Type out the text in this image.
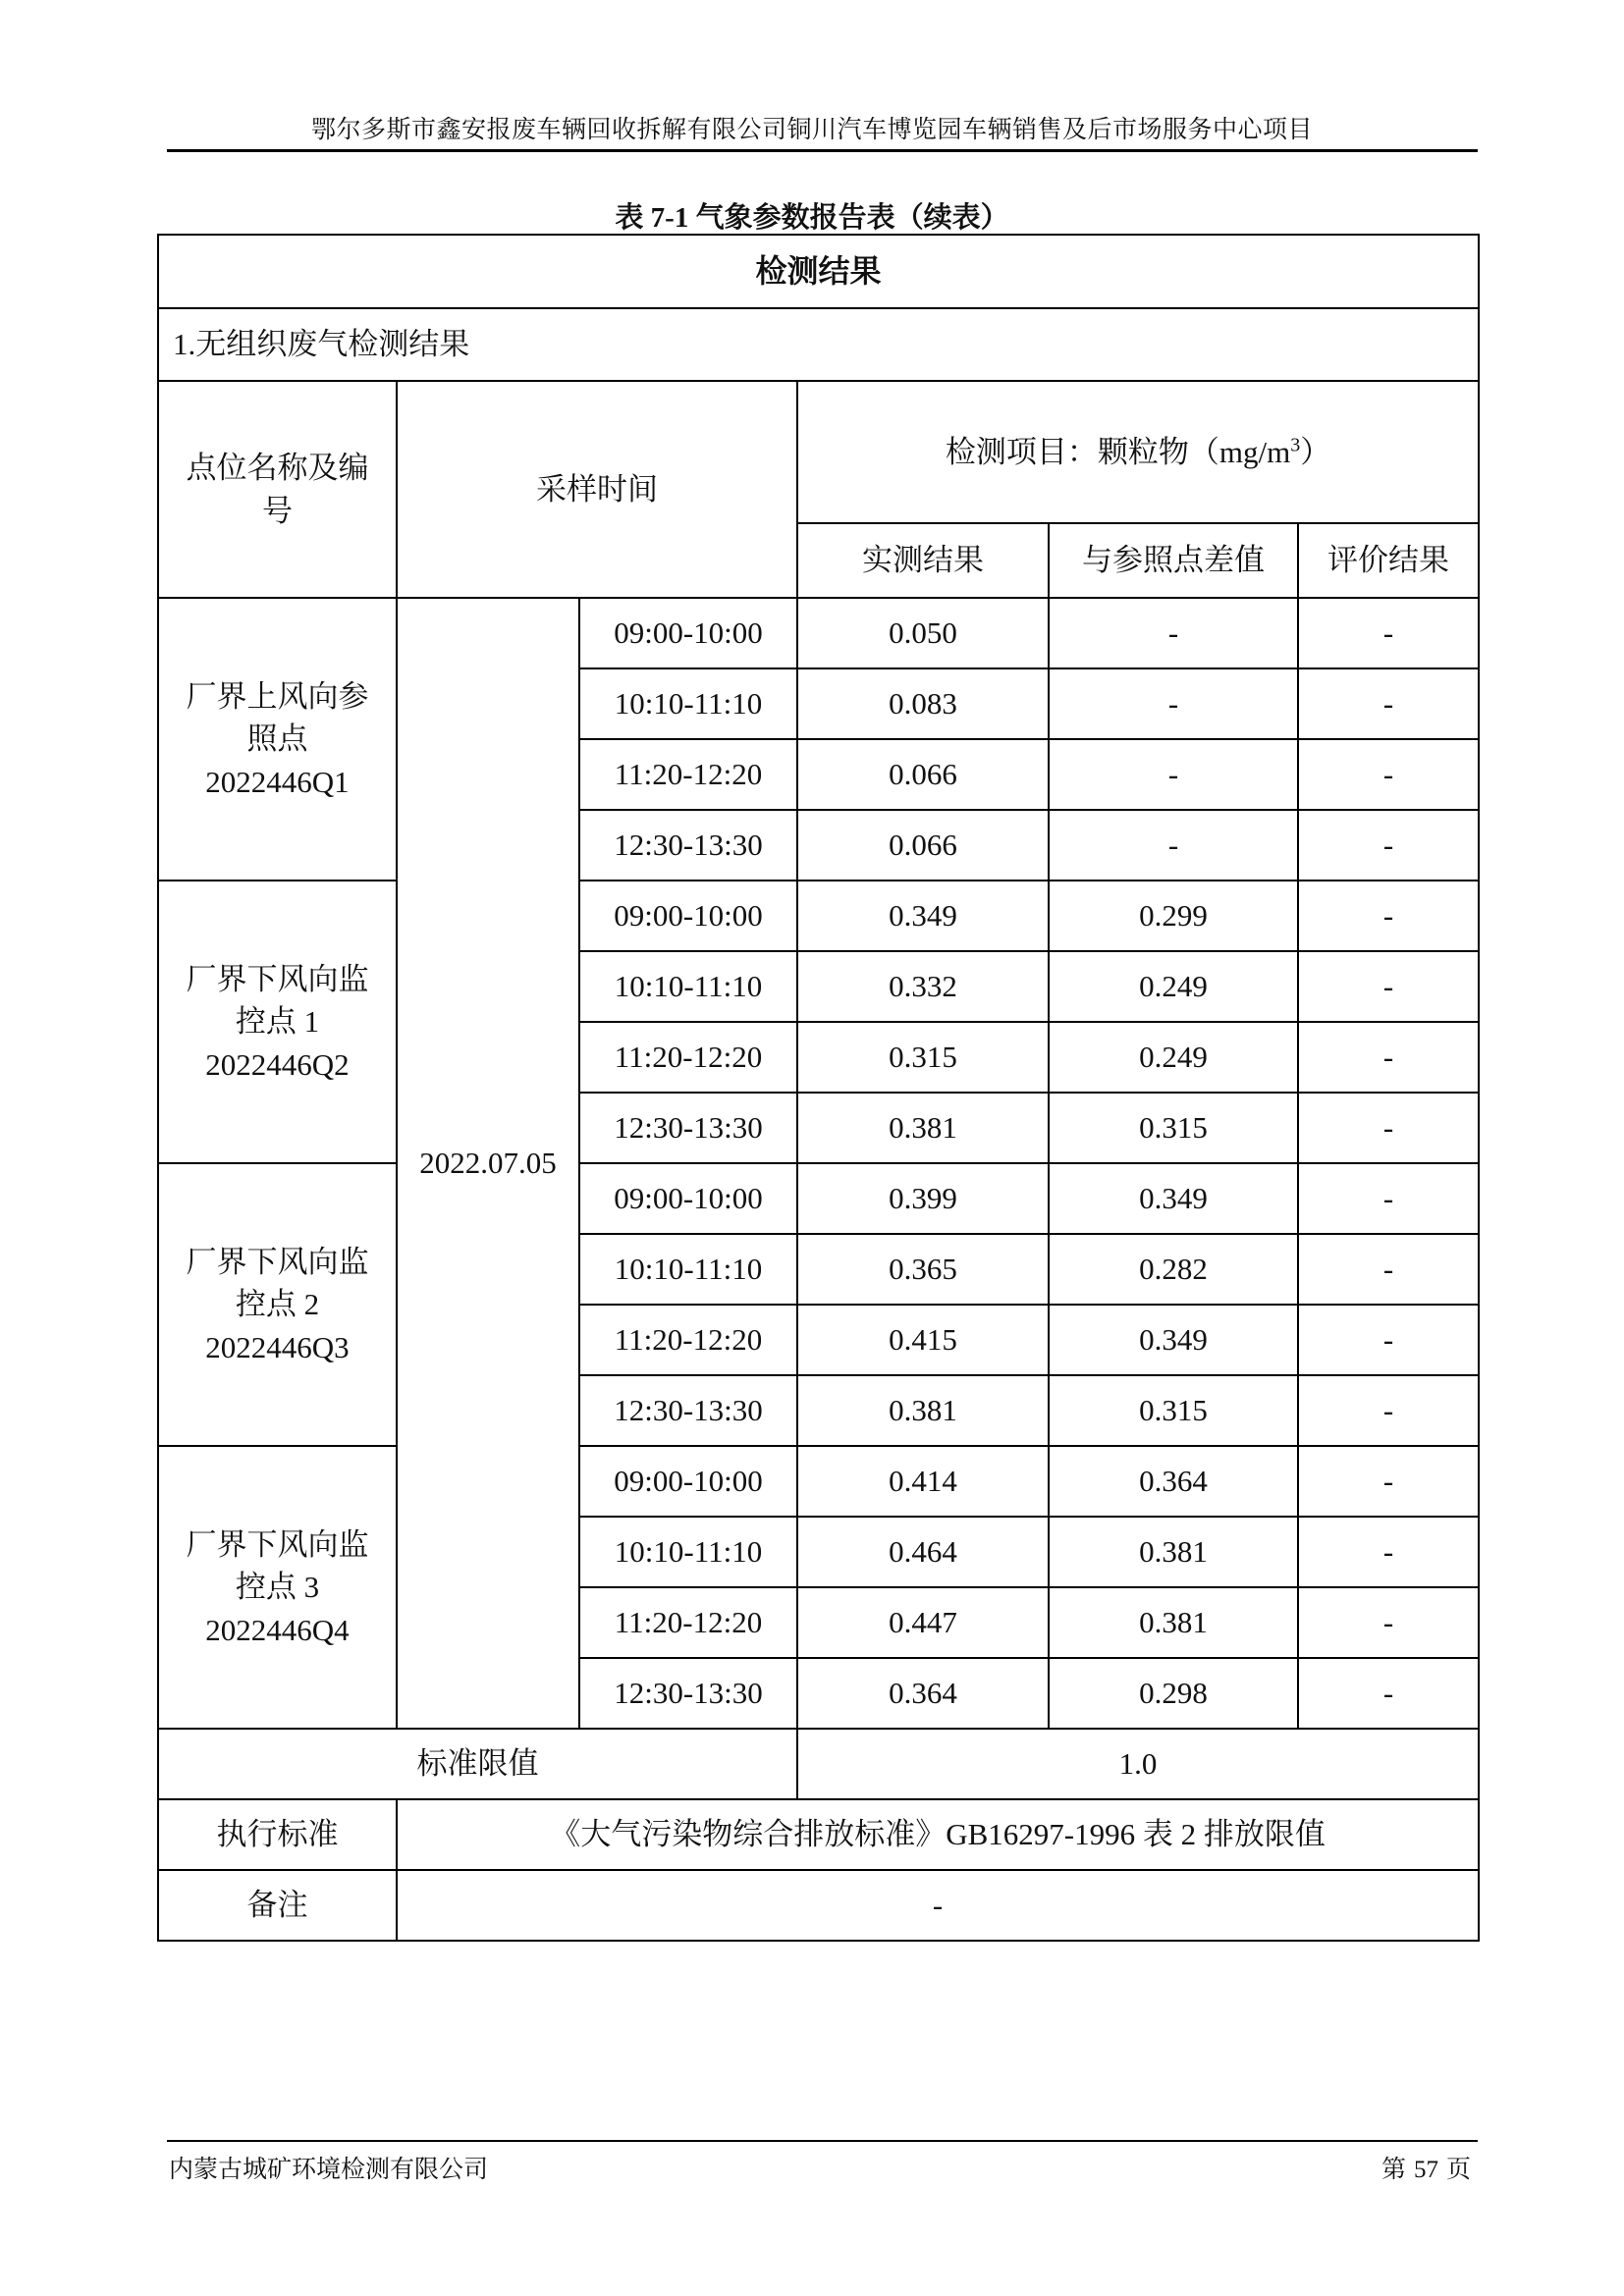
鄂尔多斯市鑫安报废车辆回收拆解有限公司铜川汽车博览园车辆销售及后市场服务中心项目
表 7-1 气象参数报告表（续表）
检测结果					
1.无组织废气检测结果					
点位名称及编号	采样时间		检测项目：颗粒物$(mg/m^3)$		
			实测结果	与参照点差值	评价结果

厂界上风向参
照点
2022446Q1	2022.07.05	09:00-10:00	0.050	-	-
		10:10-11:10	0.083	-	-
		11:20-12:20	0.066	-	-
		12:30-13:30	0.066	-	-

厂界下风向监
控点 1
2022446Q2		09:00-10:00	0.349	0.299	-
		10:10-11:10	0.332	0.249	-
		11:20-12:20	0.315	0.249	-
		12:30-13:30	0.381	0.315	-

厂界下风向监
控点 2
2022446Q3		09:00-10:00	0.399	0.349	-
		10:10-11:10	0.365	0.282	-
		11:20-12:20	0.415	0.349	-
		12:30-13:30	0.381	0.315	-

厂界下风向监
控点 3
2022446Q4		09:00-10:00	0.414	0.364	-
		10:10-11:10	0.464	0.381	-
		11:20-12:20	0.447	0.381	-
		12:30-13:30	0.364	0.298	-
标准限值			1.0		
执行标准	《大气污染物综合排放标准》GB16297-1996 表 2 排放限值				
备注	-				
内蒙古城矿环境检测有限公司	第 57 页
